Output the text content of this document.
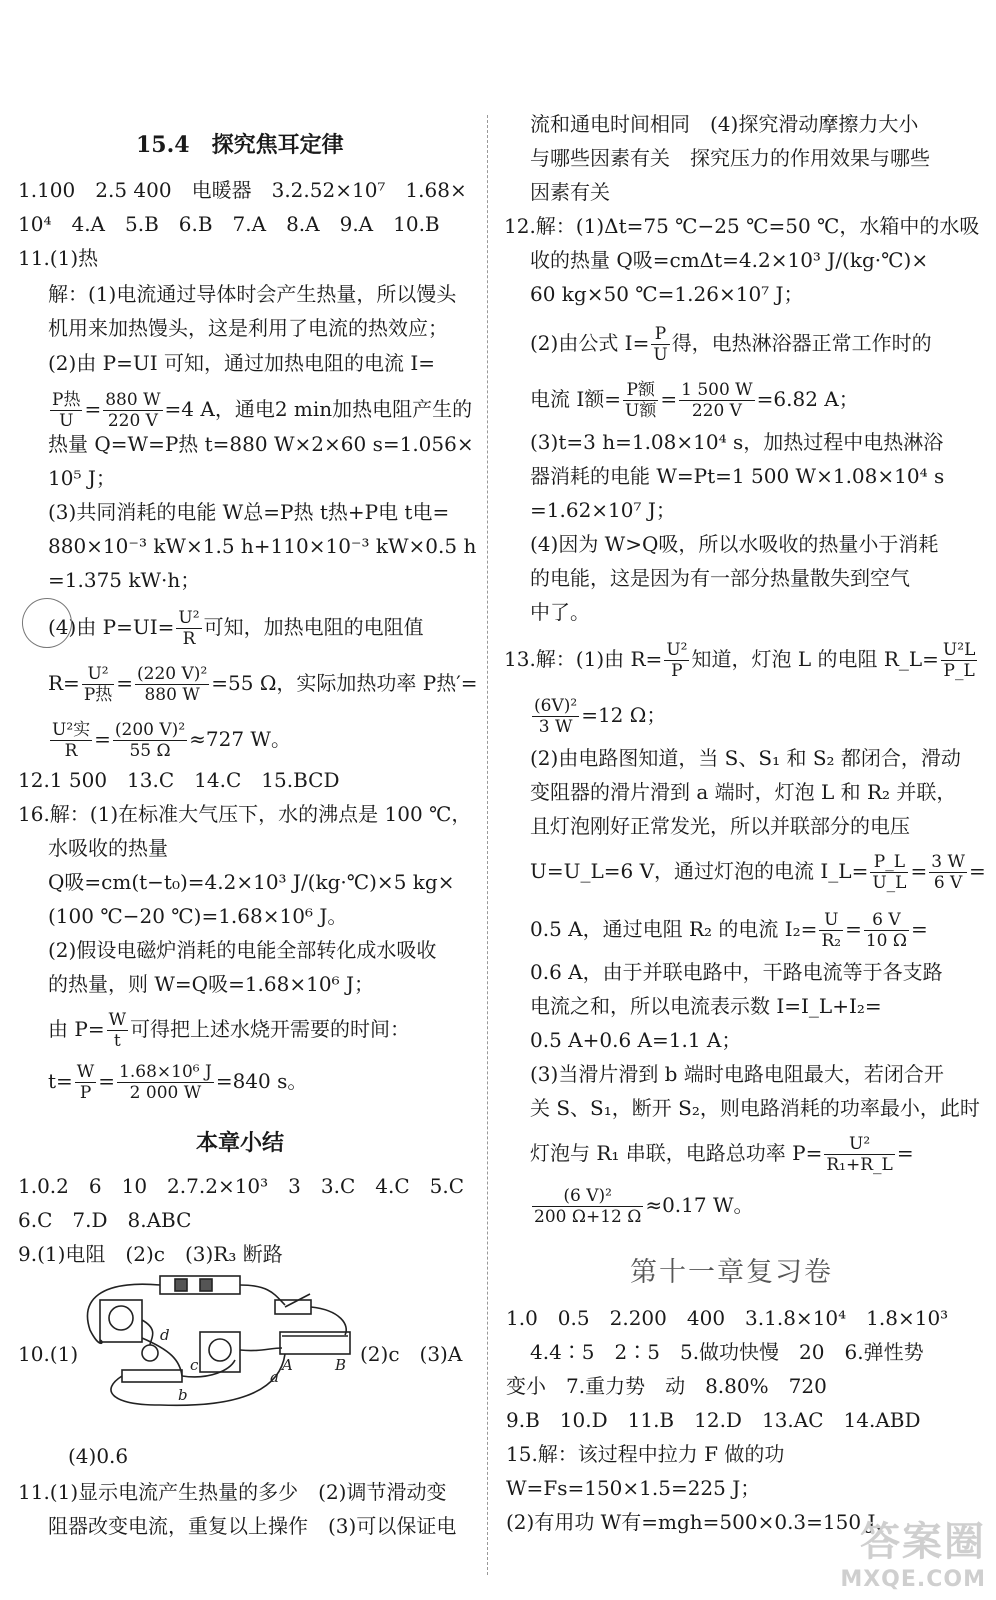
15.4　探究焦耳定律
1.100　2.5 400　电暖器　3.2.52×10⁷　1.68×
10⁴　4.A　5.B　6.B　7.A　8.A　9.A　10.B
11.(1)热
解：(1)电流通过导体时会产生热量，所以馒头
机用来加热馒头，这是利用了电流的热效应；
(2)由 P=UI 可知，通过加热电阻的电流 I=
$\frac{\text{P热}}{U} = \frac{880 W}{220 V} =4$ A，通电2 min加热电阻产生的
热量 Q=W=P热 t=880 W×2×60 s=1.056×
10⁵ J；
(3)共同消耗的电能 W总=P热 t热+P电 t电=
880×10⁻³ kW×1.5 h+110×10⁻³ kW×0.5 h
=1.375 kW·h；
(4)由 $P=UI= \frac{\text{U²}}{R}$ 可知，加热电阻的电阻值
$R= \frac{\text{U²}}{\text{P热}} = \frac{\text{(220 V)²}}{880 W} =55$ Ω，实际加热功率 P热′=
$\frac{\text{U²实}}{R} = \frac{\text{(200 V)²}}{55 \Omega} \approx 727$ W。
12.1 500　13.C　14.C　15.BCD
16.解：(1)在标准大气压下，水的沸点是 100 ℃，
水吸收的热量
Q吸=cm(t−t₀)=4.2×10³ J/(kg·℃)×5 kg×
(100 ℃−20 ℃)=1.68×10⁶ J。
(2)假设电磁炉消耗的电能全部转化成水吸收
的热量，则 W=Q吸=1.68×10⁶ J；
由 $P= \frac{W}{t}$ 可得把上述水烧开需要的时间：
$t= \frac{W}{P} = \frac{\text{1.68×10⁶ J}}{2 000 W} =840$ s。
本章小结
1.0.2　6　10　2.7.2×10³　3　3.C　4.C　5.C
6.C　7.D　8.ABC
9.(1)电阻　(2)c　(3)R₃ 断路
10.(1)	(2)c　(3)A
(4)0.6
11.(1)显示电流产生热量的多少　(2)调节滑动变
阻器改变电流，重复以上操作　(3)可以保证电
d
c
b
a
A	B
流和通电时间相同　(4)探究滑动摩擦力大小
与哪些因素有关　探究压力的作用效果与哪些
因素有关
12.解：(1)Δt=75 ℃−25 ℃=50 ℃，水箱中的水吸
收的热量 Q吸=cmΔt=4.2×10³ J/(kg·℃)×
60 kg×50 ℃=1.26×10⁷ J；
(2)由公式 $I= \frac{P}{U}$ 得，电热淋浴器正常工作时的
电流 I额= $\frac{\text{P额}}{\text{U额}} = \frac{1 500 W}{220 V} =6.82$ A；
(3)t=3 h=1.08×10⁴ s，加热过程中电热淋浴
器消耗的电能 W=Pt=1 500 W×1.08×10⁴ s
=1.62×10⁷ J；
(4)因为 W>Q吸，所以水吸收的热量小于消耗
的电能，这是因为有一部分热量散失到空气
中了。
13.解：(1)由 $R= \frac{\text{U²}}{P}$ 知道，灯泡 L 的电阻 R_L= $\frac{\text{U²L}}{P\_L}$
$\frac{\text{(6V)²}}{3 W} =12$ Ω；
(2)由电路图知道，当 S、S₁ 和 S₂ 都闭合，滑动
变阻器的滑片滑到 a 端时，灯泡 L 和 R₂ 并联，
且灯泡刚好正常发光，所以并联部分的电压
U=U_L=6 V，通过灯泡的电流 I_L= $\frac{P\_L}{U\_L} = \frac{3 W}{6 V}$ =
0.5 A，通过电阻 R₂ 的电流 $I_2= \frac{U}{\text{R₂}} = \frac{6 V}{10 \Omega}$ =
0.6 A，由于并联电路中，干路电流等于各支路
电流之和，所以电流表示数 I=I_L+I₂=
0.5 A+0.6 A=1.1 A；
(3)当滑片滑到 b 端时电路电阻最大，若闭合开
关 S、S₁，断开 S₂，则电路消耗的功率最小，此时
灯泡与 R₁ 串联，电路总功率 $P= \frac{\text{U²}}{\text{R₁+R\_L}}$ =
$\frac{\text{(6 V)²}}{200 \Omega+12 \Omega} \approx 0.17$ W。
第十一章复习卷
1.0　0.5　2.200　400　3.1.8×10⁴　1.8×10³
4.4∶5　2∶5　5.做功快慢　20　6.弹性势
变小　7.重力势　动　8.80%　720
9.B　10.D　11.B　12.D　13.AC　14.ABD
15.解：该过程中拉力 F 做的功
W=Fs=150×1.5=225 J；
(2)有用功 W有=mgh=500×0.3=150 J，
答案圈
MXQE.COM
